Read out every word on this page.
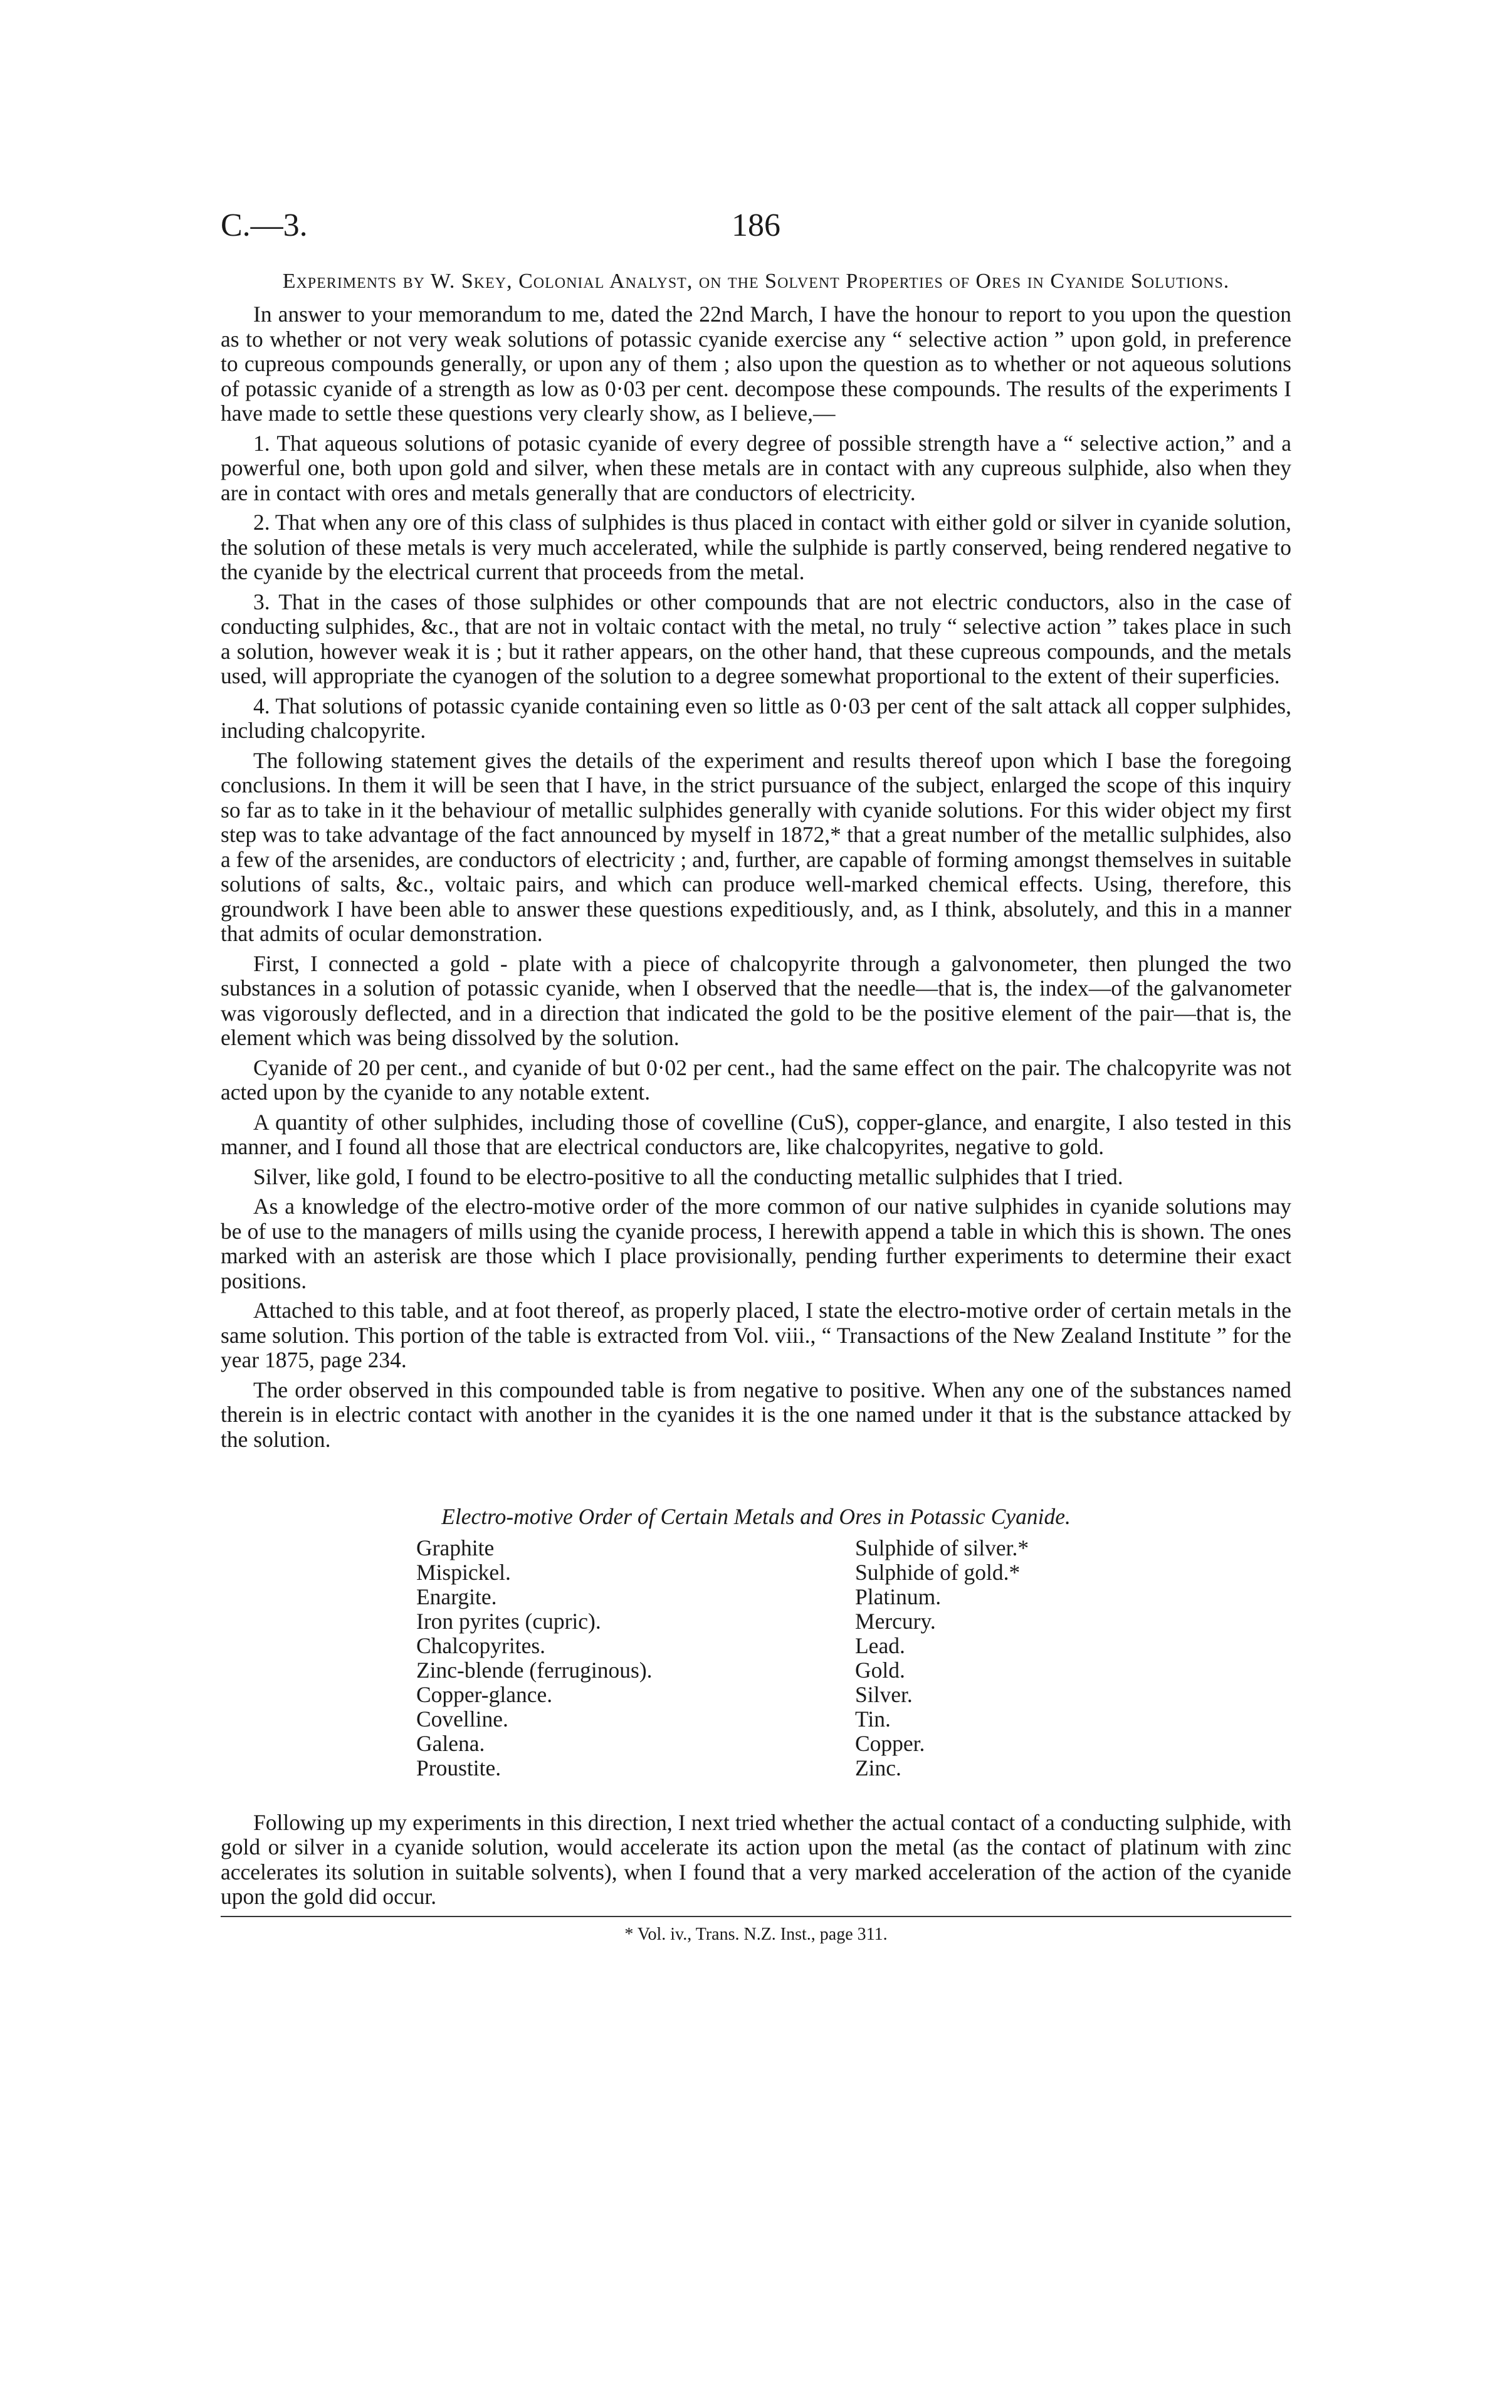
C.—3.	186
Experiments by W. Skey, Colonial Analyst, on the Solvent Properties of Ores in Cyanide Solutions.

In answer to your memorandum to me, dated the 22nd March, I have the honour to report to you upon the question as to whether or not very weak solutions of potassic cyanide exercise any “ selective action ” upon gold, in preference to cupreous compounds generally, or upon any of them ; also upon the question as to whether or not aqueous solutions of potassic cyanide of a strength as low as 0·03 per cent. decompose these compounds. The results of the experiments I have made to settle these questions very clearly show, as I believe,—

1. That aqueous solutions of potasic cyanide of every degree of possible strength have a “ selective action,” and a powerful one, both upon gold and silver, when these metals are in contact with any cupreous sulphide, also when they are in contact with ores and metals generally that are conductors of electricity.

2. That when any ore of this class of sulphides is thus placed in contact with either gold or silver in cyanide solution, the solution of these metals is very much accelerated, while the sulphide is partly conserved, being rendered negative to the cyanide by the electrical current that proceeds from the metal.

3. That in the cases of those sulphides or other compounds that are not electric conductors, also in the case of conducting sulphides, &c., that are not in voltaic contact with the metal, no truly “ selective action ” takes place in such a solution, however weak it is ; but it rather appears, on the other hand, that these cupreous compounds, and the metals used, will appropriate the cyanogen of the solution to a degree somewhat proportional to the extent of their superficies.

4. That solutions of potassic cyanide containing even so little as 0·03 per cent of the salt attack all copper sulphides, including chalcopyrite.

The following statement gives the details of the experiment and results thereof upon which I base the foregoing conclusions. In them it will be seen that I have, in the strict pursuance of the subject, enlarged the scope of this inquiry so far as to take in it the behaviour of metallic sulphides generally with cyanide solutions. For this wider object my first step was to take advantage of the fact announced by myself in 1872,* that a great number of the metallic sulphides, also a few of the arsenides, are conductors of electricity ; and, further, are capable of forming amongst themselves in suitable solutions of salts, &c., voltaic pairs, and which can produce well-marked chemical effects. Using, therefore, this groundwork I have been able to answer these questions expeditiously, and, as I think, absolutely, and this in a manner that admits of ocular demonstration.

First, I connected a gold - plate with a piece of chalcopyrite through a galvonometer, then plunged the two substances in a solution of potassic cyanide, when I observed that the needle—that is, the index—of the galvanometer was vigorously deflected, and in a direction that indicated the gold to be the positive element of the pair—that is, the element which was being dissolved by the solution.

Cyanide of 20 per cent., and cyanide of but 0·02 per cent., had the same effect on the pair. The chalcopyrite was not acted upon by the cyanide to any notable extent.

A quantity of other sulphides, including those of covelline (CuS), copper-glance, and enargite, I also tested in this manner, and I found all those that are electrical conductors are, like chalcopyrites, negative to gold.

Silver, like gold, I found to be electro-positive to all the conducting metallic sulphides that I tried.

As a knowledge of the electro-motive order of the more common of our native sulphides in cyanide solutions may be of use to the managers of mills using the cyanide process, I herewith append a table in which this is shown. The ones marked with an asterisk are those which I place provisionally, pending further experiments to determine their exact positions.

Attached to this table, and at foot thereof, as properly placed, I state the electro-motive order of certain metals in the same solution. This portion of the table is extracted from Vol. viii., “ Transactions of the New Zealand Institute ” for the year 1875, page 234.

The order observed in this compounded table is from negative to positive. When any one of the substances named therein is in electric contact with another in the cyanides it is the one named under it that is the substance attacked by the solution.

Electro-motive Order of Certain Metals and Ores in Potassic Cyanide.
Graphite
Mispickel.
Enargite.
Iron pyrites (cupric).
Chalcopyrites.
Zinc-blende (ferruginous).
Copper-glance.
Covelline.
Galena.
Proustite.
Sulphide of silver.*
Sulphide of gold.*
Platinum.
Mercury.
Lead.
Gold.
Silver.
Tin.
Copper.
Zinc.

Following up my experiments in this direction, I next tried whether the actual contact of a conducting sulphide, with gold or silver in a cyanide solution, would accelerate its action upon the metal (as the contact of platinum with zinc accelerates its solution in suitable solvents), when I found that a very marked acceleration of the action of the cyanide upon the gold did occur.

* Vol. iv., Trans. N.Z. Inst., page 311.
